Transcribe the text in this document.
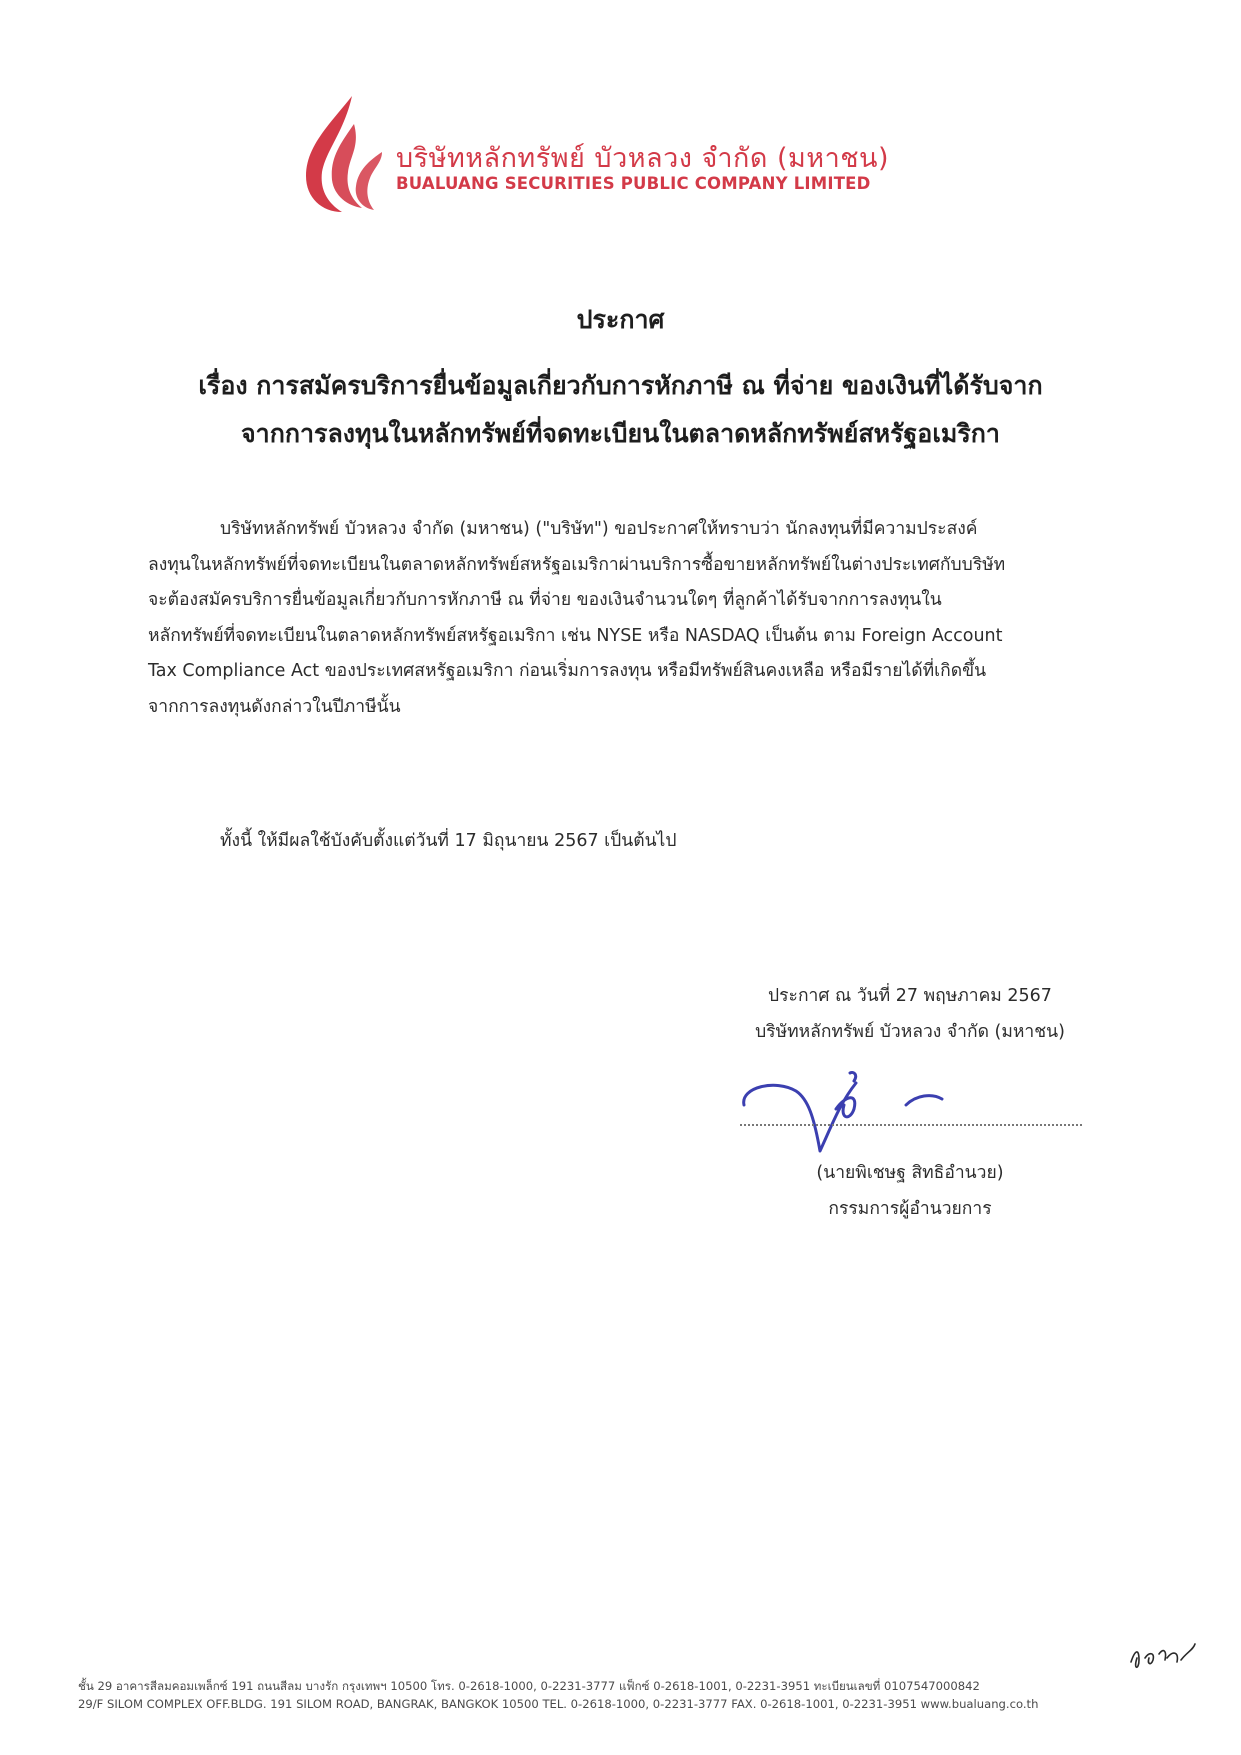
บริษัทหลักทรัพย์ บัวหลวง จำกัด (มหาชน)
BUALUANG SECURITIES PUBLIC COMPANY LIMITED
ประกาศ
เรื่อง การสมัครบริการยื่นข้อมูลเกี่ยวกับการหักภาษี ณ ที่จ่าย ของเงินที่ได้รับจาก
จากการลงทุนในหลักทรัพย์ที่จดทะเบียนในตลาดหลักทรัพย์สหรัฐอเมริกา
บริษัทหลักทรัพย์ บัวหลวง จำกัด (มหาชน) ("บริษัท") ขอประกาศให้ทราบว่า นักลงทุนที่มีความประสงค์
ลงทุนในหลักทรัพย์ที่จดทะเบียนในตลาดหลักทรัพย์สหรัฐอเมริกาผ่านบริการซื้อขายหลักทรัพย์ในต่างประเทศกับบริษัท
จะต้องสมัครบริการยื่นข้อมูลเกี่ยวกับการหักภาษี ณ ที่จ่าย ของเงินจำนวนใดๆ ที่ลูกค้าได้รับจากการลงทุนใน
หลักทรัพย์ที่จดทะเบียนในตลาดหลักทรัพย์สหรัฐอเมริกา เช่น NYSE หรือ NASDAQ เป็นต้น ตาม Foreign Account
Tax Compliance Act ของประเทศสหรัฐอเมริกา ก่อนเริ่มการลงทุน หรือมีทรัพย์สินคงเหลือ หรือมีรายได้ที่เกิดขึ้น
จากการลงทุนดังกล่าวในปีภาษีนั้น
ทั้งนี้ ให้มีผลใช้บังคับตั้งแต่วันที่ 17 มิถุนายน 2567 เป็นต้นไป
ประกาศ ณ วันที่ 27 พฤษภาคม 2567
บริษัทหลักทรัพย์ บัวหลวง จำกัด (มหาชน)
(นายพิเชษฐ สิทธิอำนวย)
กรรมการผู้อำนวยการ
ชั้น 29 อาคารสีลมคอมเพล็กซ์ 191 ถนนสีลม บางรัก กรุงเทพฯ 10500 โทร. 0-2618-1000, 0-2231-3777 แฟ็กซ์ 0-2618-1001, 0-2231-3951 ทะเบียนเลขที่ 0107547000842
29/F SILOM COMPLEX OFF.BLDG. 191 SILOM ROAD, BANGRAK, BANGKOK 10500 TEL. 0-2618-1000, 0-2231-3777 FAX. 0-2618-1001, 0-2231-3951 www.bualuang.co.th
